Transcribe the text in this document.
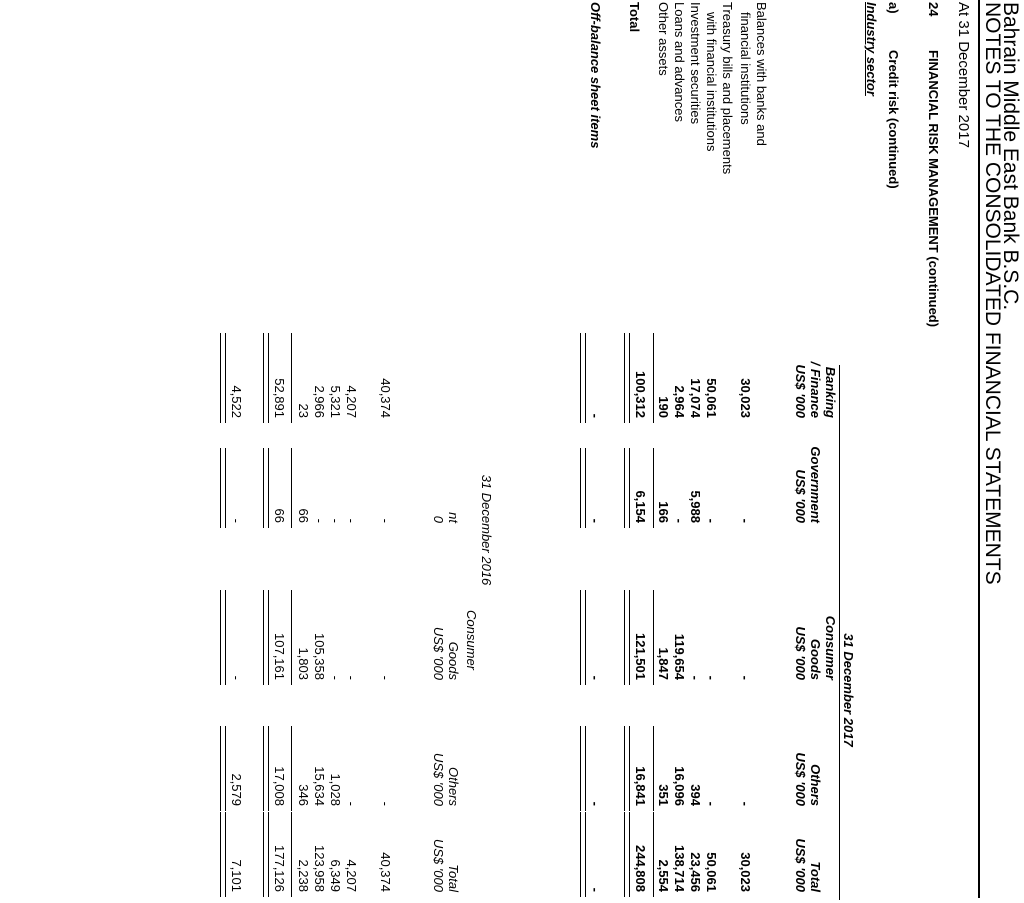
Bahrain Middle East Bank B.S.C.
NOTES TO THE CONSOLIDATED FINANCIAL STATEMENTS
At 31 December 2017
24
FINANCIAL RISK MANAGEMENT (continued)
a)
Credit risk (continued)
Industry sector
Balances with banks and
financial institutions
Treasury bills and placements
with financial institutions
Investment securities
Loans and advances
Other assets
Total
Off-balance sheet items
31 December 2017
Banking
/ Finance
US$ '000
Government
US$ '000
Consumer
Goods
US$ '000
Others
US$ '000
Total
US$ '000
30,023
-
-
-
30,023
50,061
-
-
-
50,061
17,074
5,988
-
394
23,456
2,964
-
119,654
16,096
138,714
190
166
1,847
351
2,554
100,312
6,154
121,501
16,841
244,808
-
-
-
-
-
31 December 2016
Consumer
nt
0
Goods
US$ '000
Others
US$ '000
Total
US$ '000
40,374
-
-
-
40,374
4,207
-
-
-
4,207
5,321
-
-
1,028
6,349
2,966
-
105,358
15,634
123,958
23
66
1,803
346
2,238
52,891
66
107,161
17,008
177,126
4,522
-
-
2,579
7,101
